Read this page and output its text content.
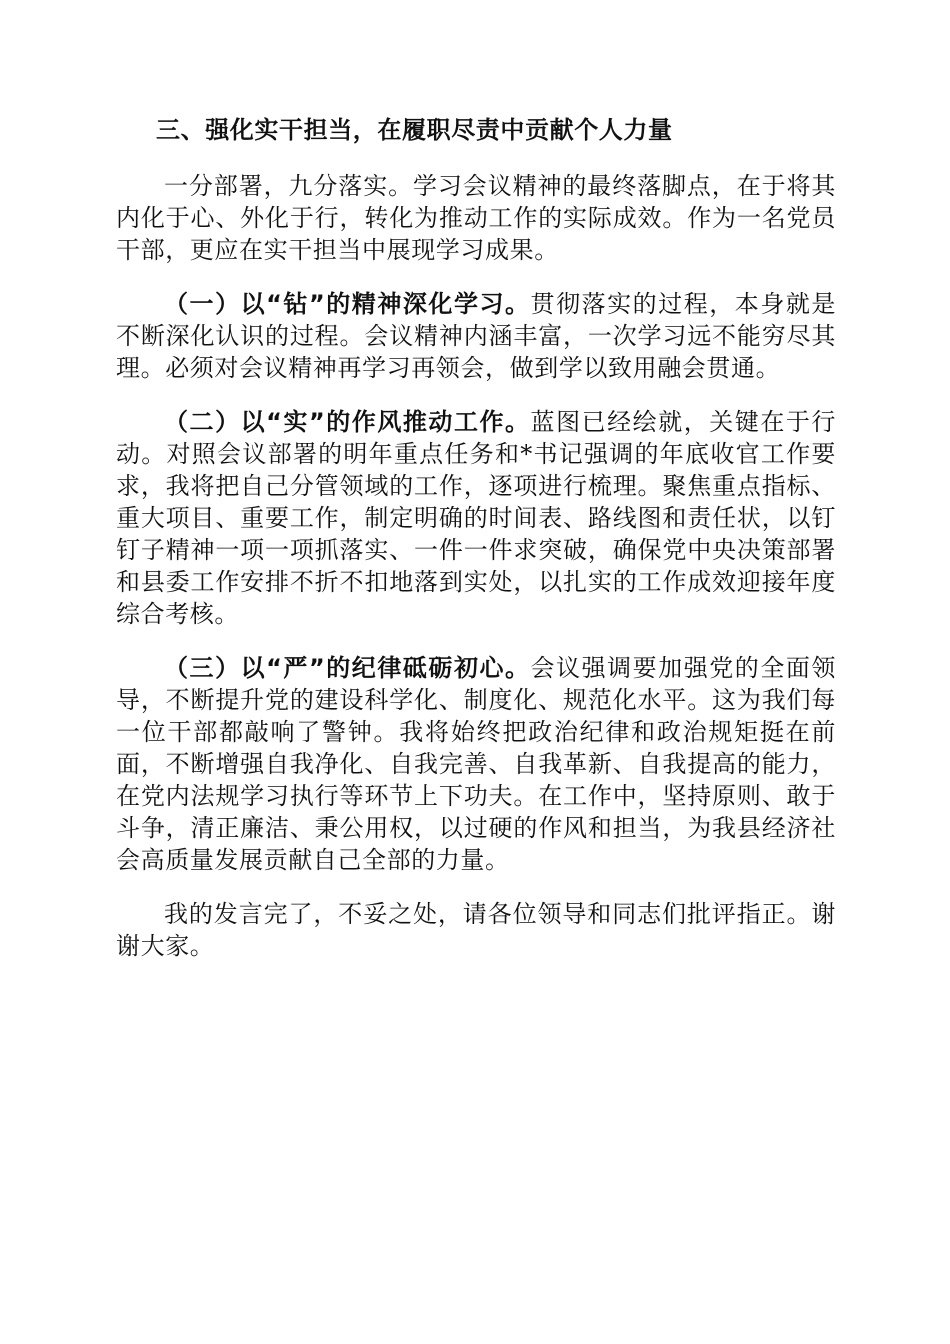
三、强化实干担当，在履职尽责中贡献个人力量

一分部署，九分落实。学习会议精神的最终落脚点，在于将其内化于心、外化于行，转化为推动工作的实际成效。作为一名党员干部，更应在实干担当中展现学习成果。

（一）以“钻”的精神深化学习。贯彻落实的过程，本身就是不断深化认识的过程。会议精神内涵丰富，一次学习远不能穷尽其理。必须对会议精神再学习再领会，做到学以致用融会贯通。

（二）以“实”的作风推动工作。蓝图已经绘就，关键在于行动。对照会议部署的明年重点任务和*书记强调的年底收官工作要求，我将把自己分管领域的工作，逐项进行梳理。聚焦重点指标、重大项目、重要工作，制定明确的时间表、路线图和责任状，以钉钉子精神一项一项抓落实、一件一件求突破，确保党中央决策部署和县委工作安排不折不扣地落到实处，以扎实的工作成效迎接年度综合考核。

（三）以“严”的纪律砥砺初心。会议强调要加强党的全面领导，不断提升党的建设科学化、制度化、规范化水平。这为我们每一位干部都敲响了警钟。我将始终把政治纪律和政治规矩挺在前面，不断增强自我净化、自我完善、自我革新、自我提高的能力，在党内法规学习执行等环节上下功夫。在工作中，坚持原则、敢于斗争，清正廉洁、秉公用权，以过硬的作风和担当，为我县经济社会高质量发展贡献自己全部的力量。

我的发言完了，不妥之处，请各位领导和同志们批评指正。谢谢大家。
